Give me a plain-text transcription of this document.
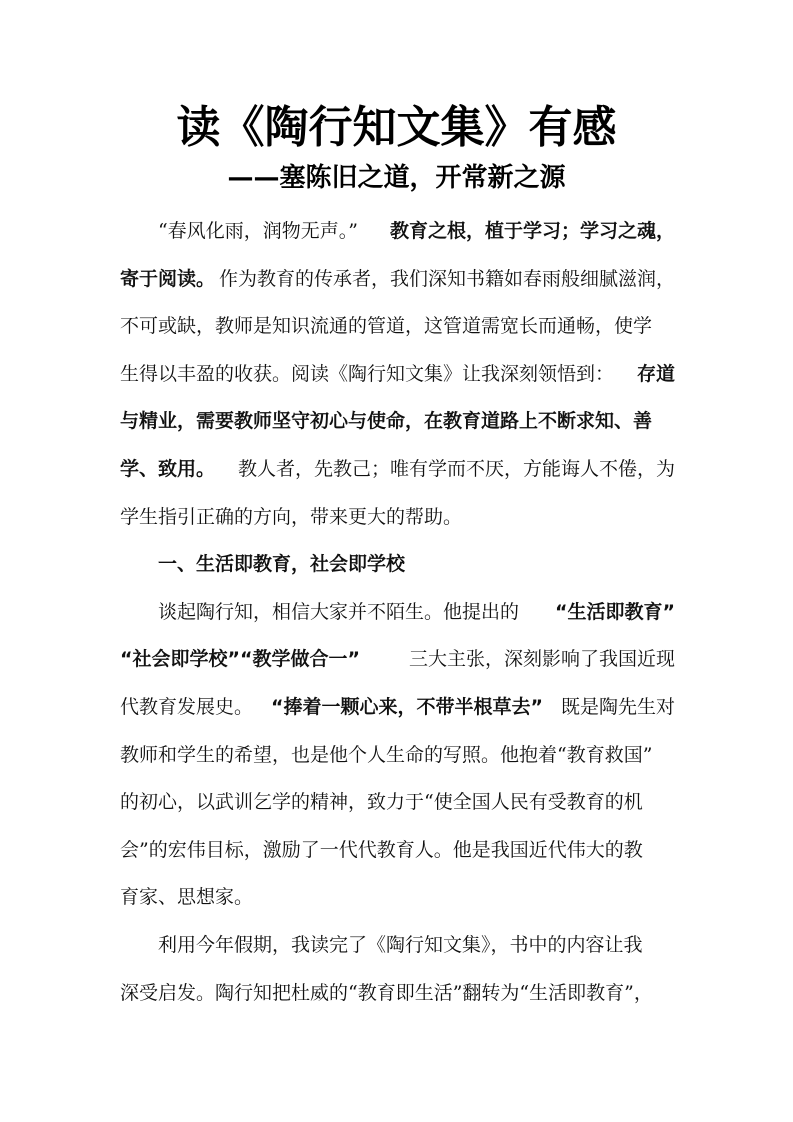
读《陶行知文集》有感
——塞陈旧之道，开常新之源
“春风化雨，润物无声。” 教育之根，植于学习；学习之魂，
寄于阅读。 作为教育的传承者，我们深知书籍如春雨般细腻滋润，
不可或缺，教师是知识流通的管道，这管道需宽长而通畅，使学
生得以丰盈的收获。阅读《陶行知文集》让我深刻领悟到： 存道
与精业，需要教师坚守初心与使命，在教育道路上不断求知、善
学、致用。 教人者，先教己；唯有学而不厌，方能诲人不倦，为
学生指引正确的方向，带来更大的帮助。
一、生活即教育，社会即学校
谈起陶行知，相信大家并不陌生。他提出的 “生活即教育”
“社会即学校”“教学做合一”	三大主张，深刻影响了我国近现
代教育发展史。 “捧着一颗心来，不带半根草去” 既是陶先生对
教师和学生的希望，也是他个人生命的写照。他抱着“教育救国”
的初心，以武训乞学的精神，致力于“使全国人民有受教育的机
会”的宏伟目标，激励了一代代教育人。他是我国近代伟大的教
育家、思想家。
利用今年假期，我读完了《陶行知文集》，书中的内容让我
深受启发。陶行知把杜威的“教育即生活”翻转为“生活即教育”，
